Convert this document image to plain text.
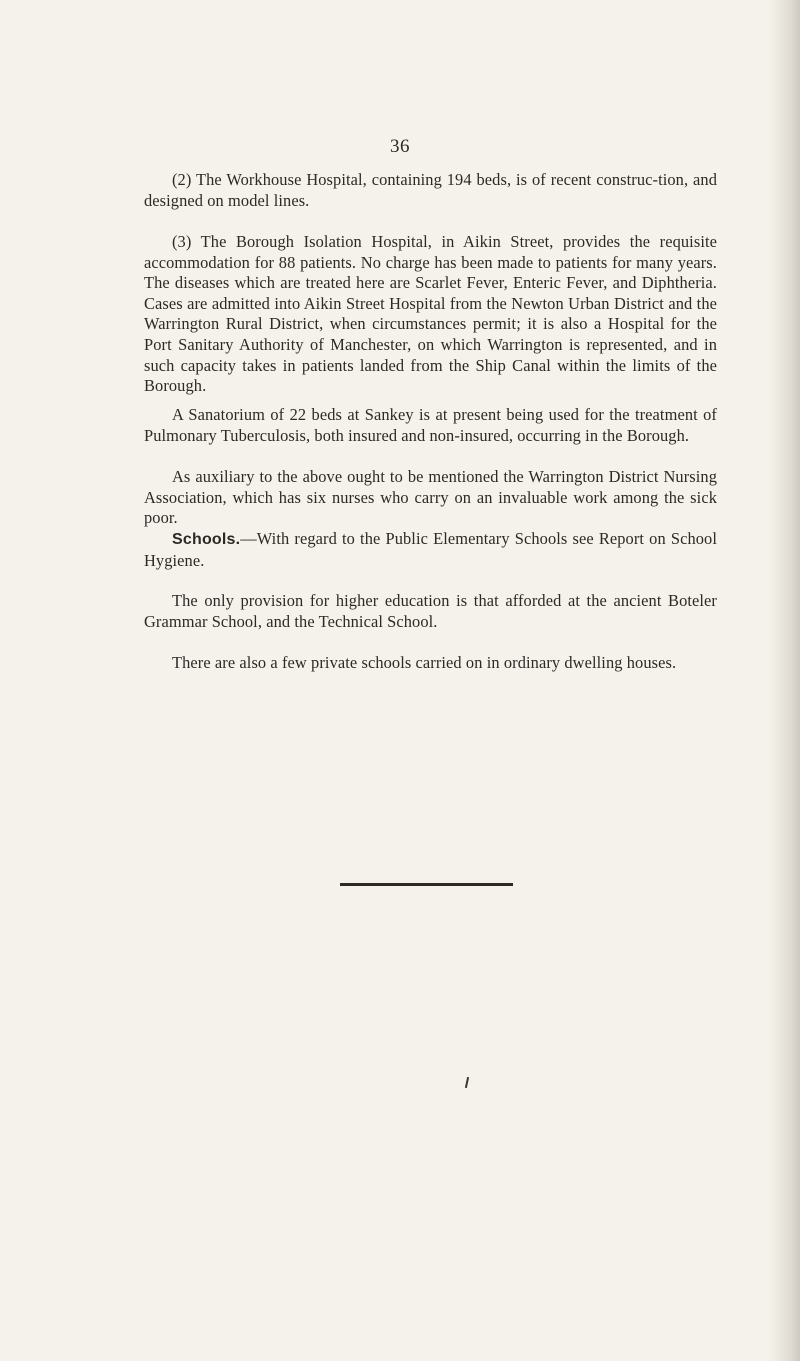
36
(2) The Workhouse Hospital, containing 194 beds, is of recent construc-tion, and designed on model lines.
(3) The Borough Isolation Hospital, in Aikin Street, provides the requisite accommodation for 88 patients. No charge has been made to patients for many years. The diseases which are treated here are Scarlet Fever, Enteric Fever, and Diphtheria. Cases are admitted into Aikin Street Hospital from the Newton Urban District and the Warrington Rural District, when circumstances permit; it is also a Hospital for the Port Sanitary Authority of Manchester, on which Warrington is represented, and in such capacity takes in patients landed from the Ship Canal within the limits of the Borough.
A Sanatorium of 22 beds at Sankey is at present being used for the treatment of Pulmonary Tuberculosis, both insured and non-insured, occurring in the Borough.
As auxiliary to the above ought to be mentioned the Warrington District Nursing Association, which has six nurses who carry on an invaluable work among the sick poor.
Schools.—With regard to the Public Elementary Schools see Report on School Hygiene.
The only provision for higher education is that afforded at the ancient Boteler Grammar School, and the Technical School.
There are also a few private schools carried on in ordinary dwelling houses.
